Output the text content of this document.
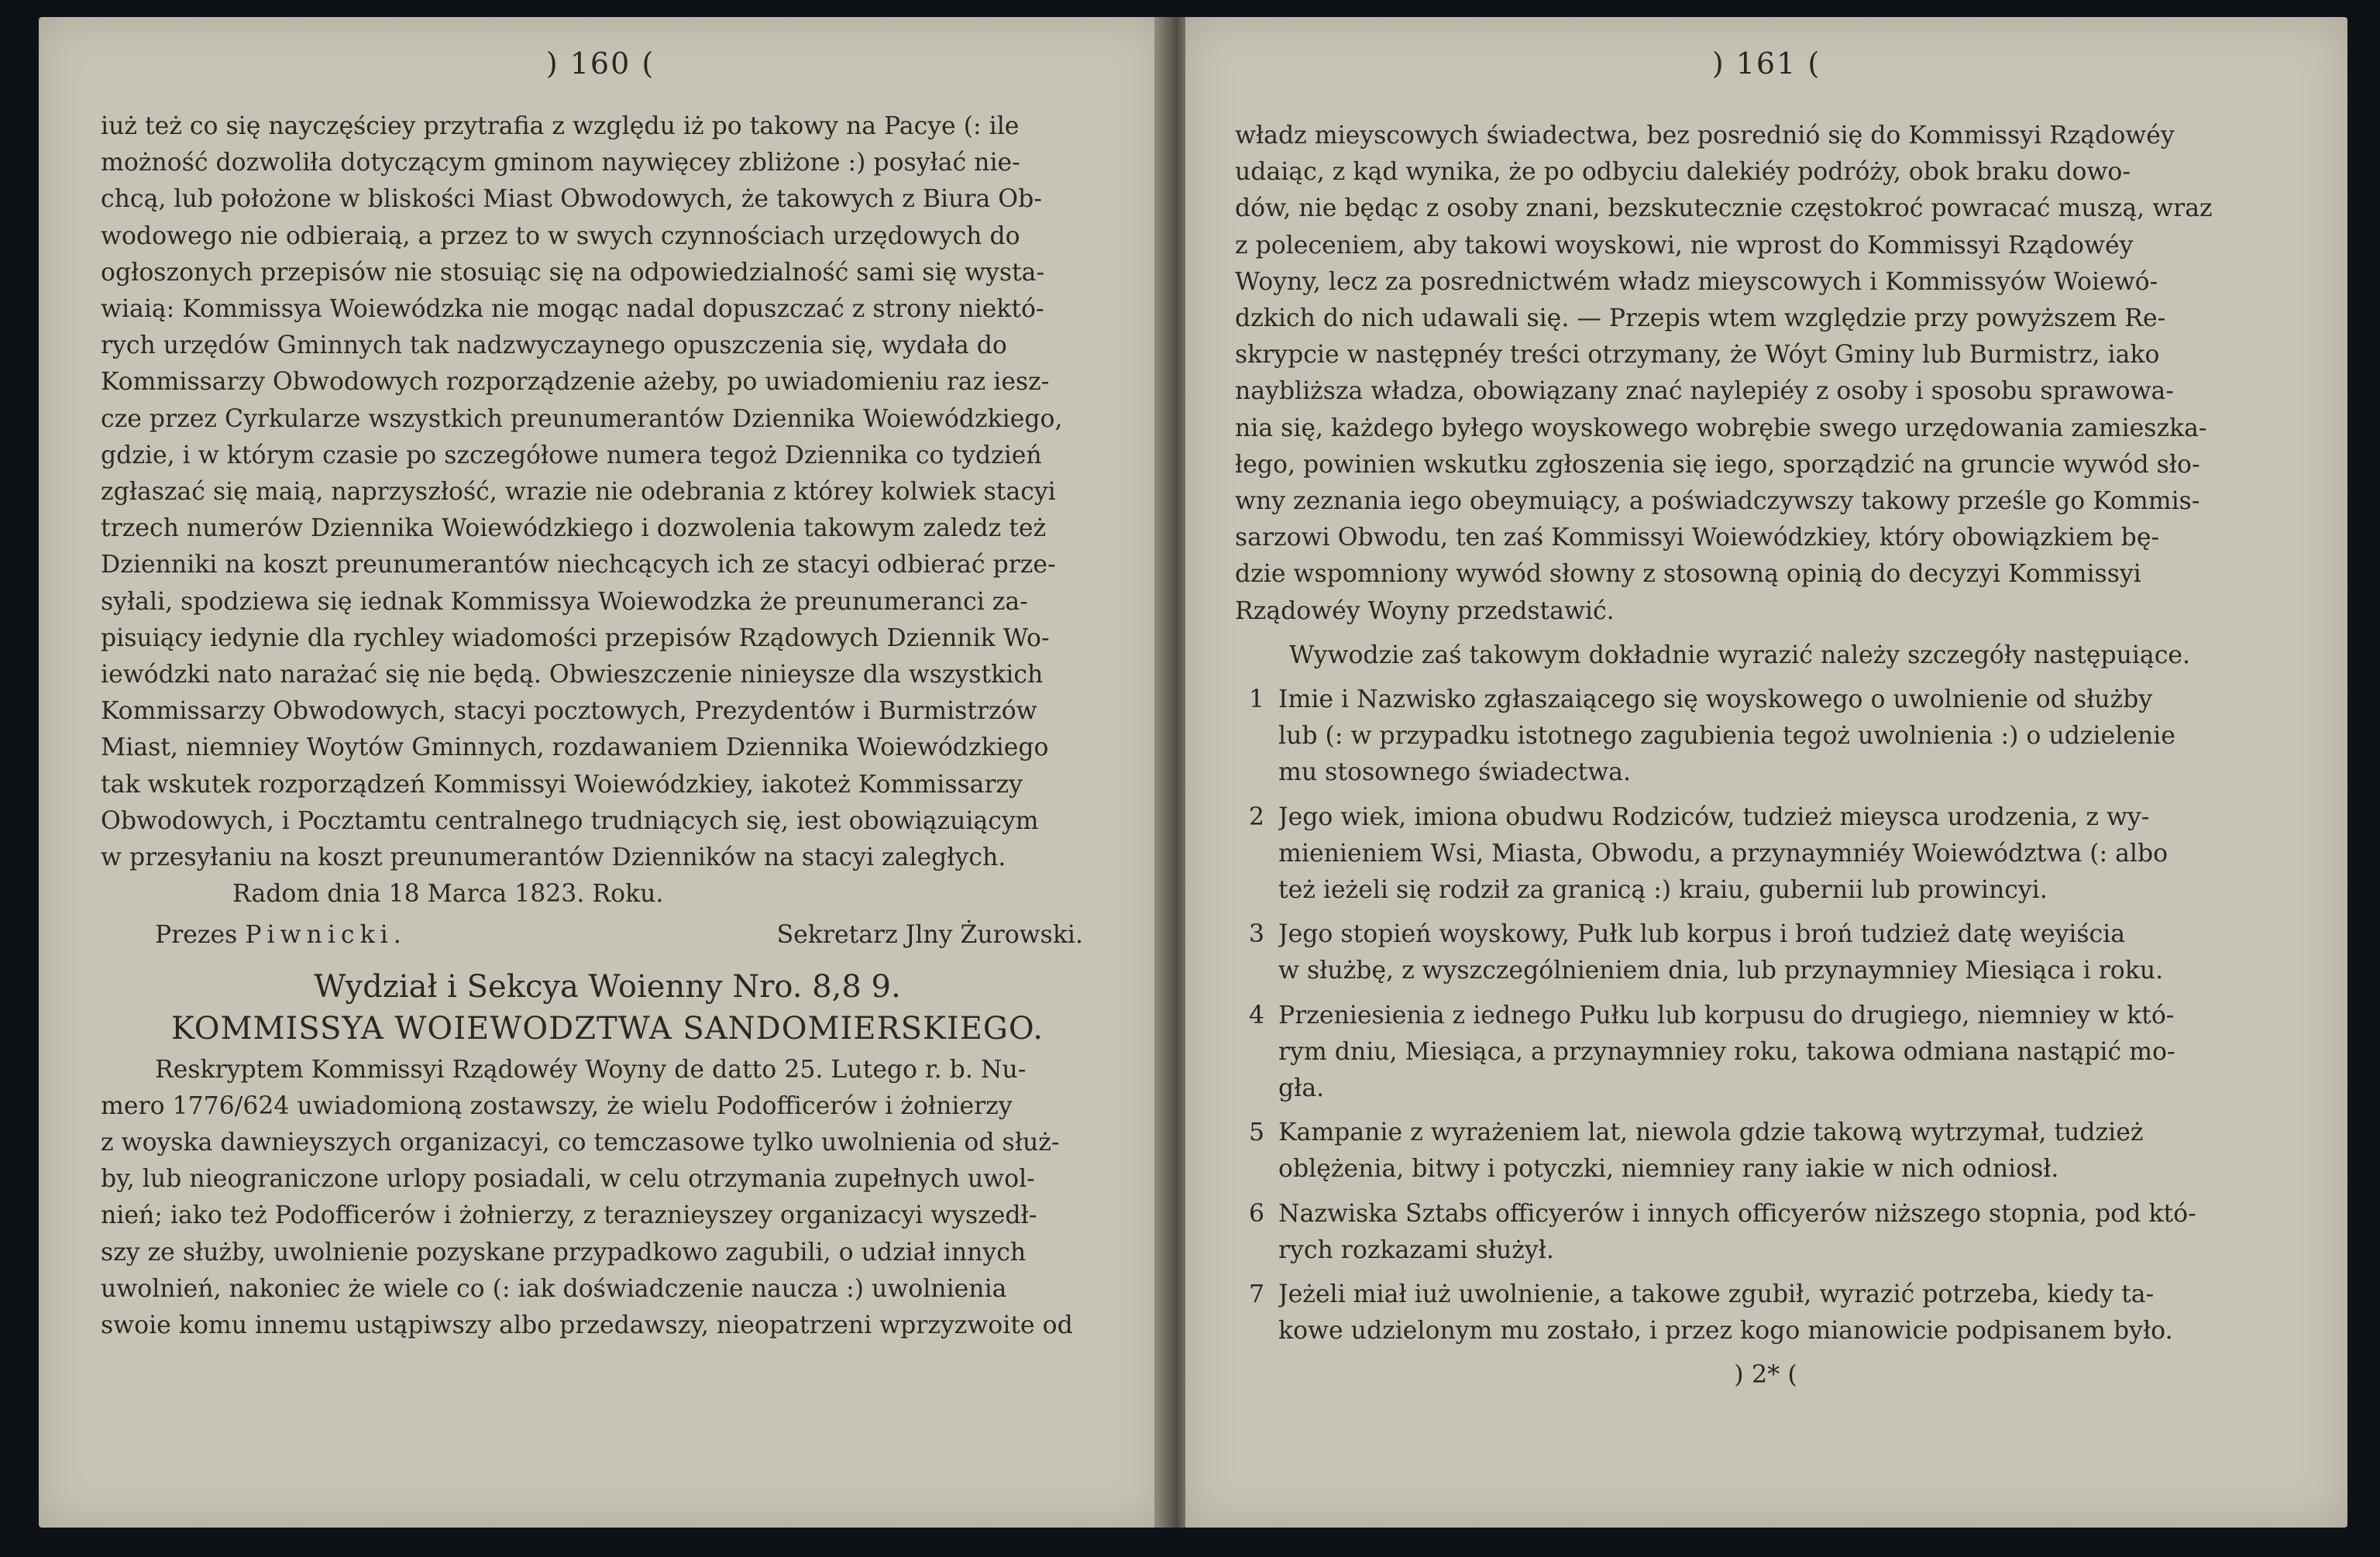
) 160 (
iuż też co się nayczęściey przytrafia z względu iż po takowy na Pacye (: ile
możność dozwoliła dotyczącym gminom naywięcey zbliżone :) posyłać nie-
chcą, lub położone w bliskości Miast Obwodowych, że takowych z Biura Ob-
wodowego nie odbieraią, a przez to w swych czynnościach urzędowych do
ogłoszonych przepisów nie stosuiąc się na odpowiedzialność sami się wysta-
wiaią: Kommissya Woiewódzka nie mogąc nadal dopuszczać z strony niektó-
rych urzędów Gminnych tak nadzwyczaynego opuszczenia się, wydała do
Kommissarzy Obwodowych rozporządzenie ażeby, po uwiadomieniu raz iesz-
cze przez Cyrkularze wszystkich preunumerantów Dziennika Woiewódzkiego,
gdzie, i w którym czasie po szczegółowe numera tegoż Dziennika co tydzień
zgłaszać się maią, naprzyszłość, wrazie nie odebrania z którey kolwiek stacyi
trzech numerów Dziennika Woiewódzkiego i dozwolenia takowym zaledz też
Dzienniki na koszt preunumerantów niechcących ich ze stacyi odbierać prze-
syłali, spodziewa się iednak Kommissya Woiewodzka że preunumeranci za-
pisuiący iedynie dla rychley wiadomości przepisów Rządowych Dziennik Wo-
iewódzki nato narażać się nie będą. Obwieszczenie ninieysze dla wszystkich
Kommissarzy Obwodowych, stacyi pocztowych, Prezydentów i Burmistrzów
Miast, niemniey Woytów Gminnych, rozdawaniem Dziennika Woiewódzkiego
tak wskutek rozporządzeń Kommissyi Woiewódzkiey, iakoteż Kommissarzy
Obwodowych, i Pocztamtu centralnego trudniących się, iest obowiązuiącym
w przesyłaniu na koszt preunumerantów Dzienników na stacyi zaległych.
Radom dnia 18 Marca 1823. Roku.
Prezes Piwnicki.	Sekretarz Jlny Żurowski.
Wydział i Sekcya Woienny Nro. 8,8 9.
KOMMISSYA WOIEWODZTWA SANDOMIERSKIEGO.
Reskryptem Kommissyi Rządowéy Woyny de datto 25. Lutego r. b. Nu-
mero 1776/624 uwiadomioną zostawszy, że wielu Podofficerów i żołnierzy
z woyska dawnieyszych organizacyi, co temczasowe tylko uwolnienia od służ-
by, lub nieograniczone urlopy posiadali, w celu otrzymania zupełnych uwol-
nień; iako też Podofficerów i żołnierzy, z teraznieyszey organizacyi wyszedł-
szy ze służby, uwolnienie pozyskane przypadkowo zagubili, o udział innych
uwolnień, nakoniec że wiele co (: iak doświadczenie naucza :) uwolnienia
swoie komu innemu ustąpiwszy albo przedawszy, nieopatrzeni wprzyzwoite od
) 161 (
władz mieyscowych świadectwa, bez posrednió się do Kommissyi Rządowéy
udaiąc, z kąd wynika, że po odbyciu dalekiéy podróży, obok braku dowo-
dów, nie będąc z osoby znani, bezskutecznie częstokroć powracać muszą, wraz
z poleceniem, aby takowi woyskowi, nie wprost do Kommissyi Rządowéy
Woyny, lecz za posrednictwém władz mieyscowych i Kommissyów Woiewó-
dzkich do nich udawali się. — Przepis wtem względzie przy powyższem Re-
skrypcie w następnéy treści otrzymany, że Wóyt Gminy lub Burmistrz, iako
naybliższa władza, obowiązany znać naylepiéy z osoby i sposobu sprawowa-
nia się, każdego byłego woyskowego wobrębie swego urzędowania zamieszka-
łego, powinien wskutku zgłoszenia się iego, sporządzić na gruncie wywód sło-
wny zeznania iego obeymuiący, a poświadczywszy takowy prześle go Kommis-
sarzowi Obwodu, ten zaś Kommissyi Woiewódzkiey, który obowiązkiem bę-
dzie wspomniony wywód słowny z stosowną opinią do decyzyi Kommissyi
Rządowéy Woyny przedstawić.
Wywodzie zaś takowym dokładnie wyrazić należy szczegóły następuiące.
1 Imie i Nazwisko zgłaszaiącego się woyskowego o uwolnienie od służby
lub (: w przypadku istotnego zagubienia tegoż uwolnienia :) o udzielenie
mu stosownego świadectwa.
2 Jego wiek, imiona obudwu Rodziców, tudzież mieysca urodzenia, z wy-
mienieniem Wsi, Miasta, Obwodu, a przynaymniéy Woiewództwa (: albo
też ieżeli się rodził za granicą :) kraiu, gubernii lub prowincyi.
3 Jego stopień woyskowy, Pułk lub korpus i broń tudzież datę weyiścia
w służbę, z wyszczególnieniem dnia, lub przynaymniey Miesiąca i roku.
4 Przeniesienia z iednego Pułku lub korpusu do drugiego, niemniey w któ-
rym dniu, Miesiąca, a przynaymniey roku, takowa odmiana nastąpić mo-
gła.
5 Kampanie z wyrażeniem lat, niewola gdzie takową wytrzymał, tudzież
oblężenia, bitwy i potyczki, niemniey rany iakie w nich odniosł.
6 Nazwiska Sztabs officyerów i innych officyerów niższego stopnia, pod któ-
rych rozkazami służył.
7 Jeżeli miał iuż uwolnienie, a takowe zgubił, wyrazić potrzeba, kiedy ta-
kowe udzielonym mu zostało, i przez kogo mianowicie podpisanem było.
) 2* (
